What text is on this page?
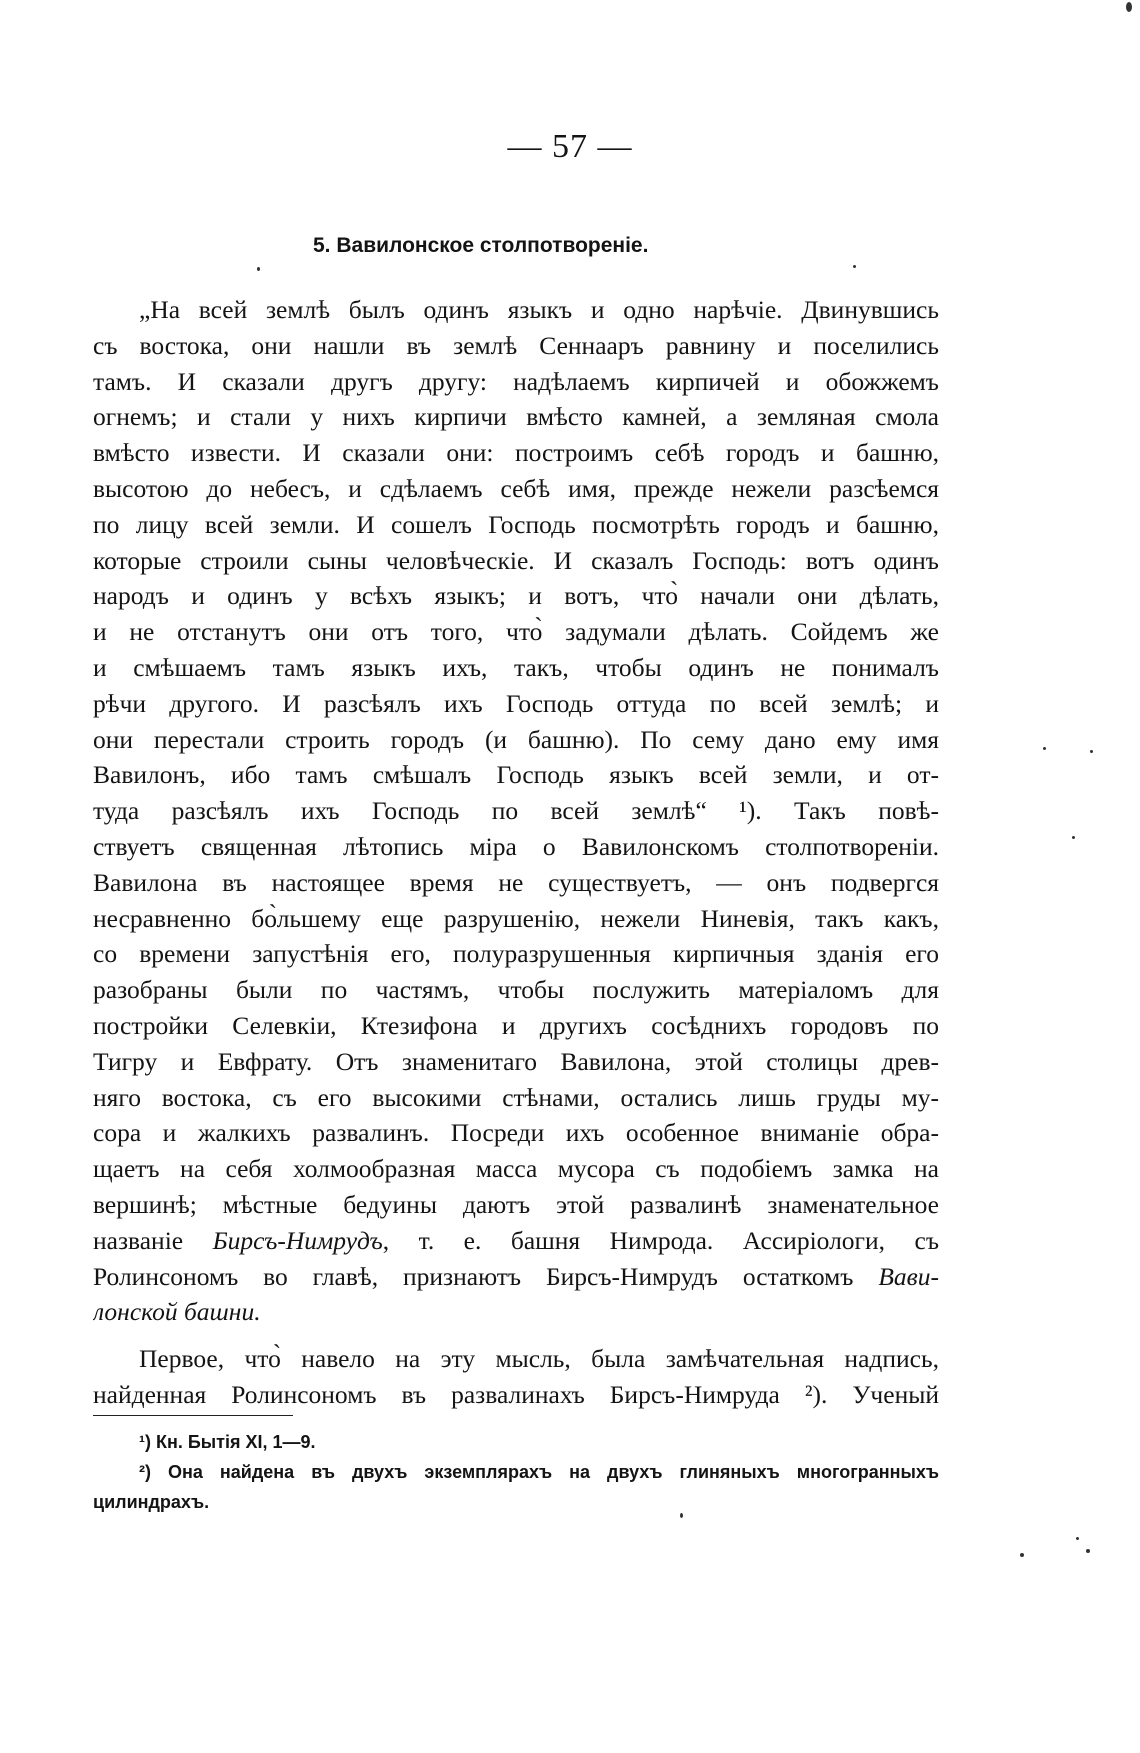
— 57 —
5. Вавилонское столпотвореніе.
„На всей землѣ былъ одинъ языкъ и одно нарѣчіе. Двинувшись
съ востока, они нашли въ землѣ Сеннааръ равнину и поселились
тамъ. И сказали другъ другу: надѣлаемъ кирпичей и обожжемъ
огнемъ; и стали у нихъ кирпичи вмѣсто камней, а земляная смола
вмѣсто извести. И сказали они: построимъ себѣ городъ и башню,
высотою до небесъ, и сдѣлаемъ себѣ имя, прежде нежели разсѣемся
по лицу всей земли. И сошелъ Господь посмотрѣть городъ и башню,
которые строили сыны человѣческіе. И сказалъ Господь: вотъ одинъ
народъ и одинъ у всѣхъ языкъ; и вотъ, что̀ начали они дѣлать,
и не отстанутъ они отъ того, что̀ задумали дѣлать. Сойдемъ же
и смѣшаемъ тамъ языкъ ихъ, такъ, чтобы одинъ не понималъ
рѣчи другого. И разсѣялъ ихъ Господь оттуда по всей землѣ; и
они перестали строить городъ (и башню). По сему дано ему имя
Вавилонъ, ибо тамъ смѣшалъ Господь языкъ всей земли, и от-
туда разсѣялъ ихъ Господь по всей землѣ“ ¹). Такъ повѣ-
ствуетъ священная лѣтопись міра о Вавилонскомъ столпотвореніи.
Вавилона въ настоящее время не существуетъ, — онъ подвергся
несравненно бо̀льшему еще разрушенію, нежели Ниневія, такъ какъ,
со времени запустѣнія его, полуразрушенныя кирпичныя зданія его
разобраны были по частямъ, чтобы послужить матеріаломъ для
постройки Селевкіи, Ктезифона и другихъ сосѣднихъ городовъ по
Тигру и Евфрату. Отъ знаменитаго Вавилона, этой столицы древ-
няго востока, съ его высокими стѣнами, остались лишь груды му-
сора и жалкихъ развалинъ. Посреди ихъ особенное вниманіе обра-
щаетъ на себя холмообразная масса мусора съ подобіемъ замка на
вершинѣ; мѣстные бедуины даютъ этой развалинѣ знаменательное
названіе Бирсъ-Нимрудъ, т. е. башня Нимрода. Ассиріологи, съ
Ролинсономъ во главѣ, признаютъ Бирсъ-Нимрудъ остаткомъ Вави-
лонской башни.
Первое, что̀ навело на эту мысль, была замѣчательная надпись,
найденная Ролинсономъ въ развалинахъ Бирсъ-Нимруда ²). Ученый
¹) Кн. Бытія XI, 1—9.
²) Она найдена въ двухъ экземплярахъ на двухъ глиняныхъ многогранныхъ
цилиндрахъ.
